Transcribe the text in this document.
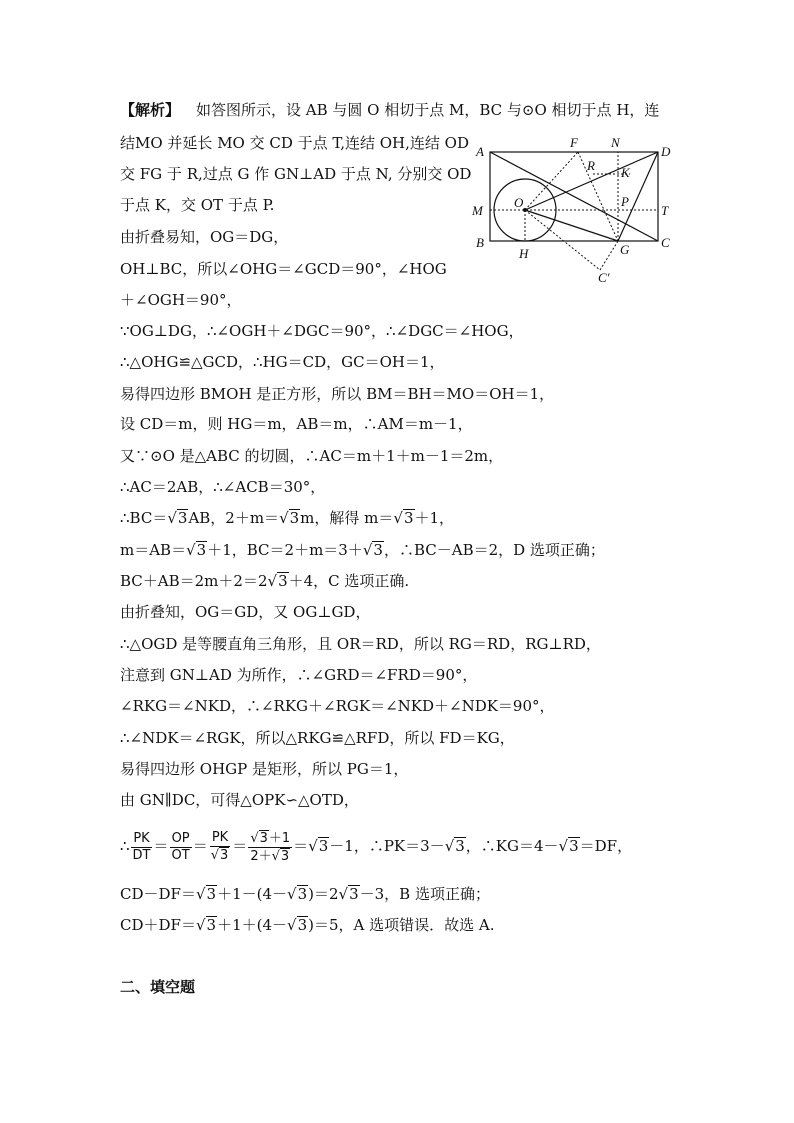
【解析】 如答图所示，设 AB 与圆 O 相切于点 M，BC 与⊙O 相切于点 H，连
结MO 并延长 MO 交 CD 于点 T,连结 OH,连结 OD
交 FG 于 R,过点 G 作 GN⊥AD 于点 N, 分别交 OD
于点 K，交 OT 于点 P.
由折叠易知，OG＝DG，
OH⊥BC，所以∠OHG＝∠GCD＝90°，∠HOG
＋∠OGH＝90°，
∵OG⊥DG，∴∠OGH＋∠DGC＝90°，∴∠DGC＝∠HOG，
∴△OHG≌△GCD，∴HG＝CD，GC＝OH＝1，
易得四边形 BMOH 是正方形，所以 BM＝BH＝MO＝OH＝1，
设 CD＝m，则 HG＝m，AB＝m，∴AM＝m－1，
又∵⊙O 是△ABC 的切圆，∴AC＝m＋1＋m－1＝2m，
∴AC＝2AB，∴∠ACB＝30°，
∴BC＝√3AB，2＋m＝√3m，解得 m＝√3＋1，
m＝AB＝√3＋1，BC＝2＋m＝3＋√3，∴BC－AB＝2，D 选项正确；
BC＋AB＝2m＋2＝2√3＋4，C 选项正确.
由折叠知，OG＝GD，又 OG⊥GD，
∴△OGD 是等腰直角三角形，且 OR＝RD，所以 RG＝RD，RG⊥RD，
注意到 GN⊥AD 为所作，∴∠GRD＝∠FRD＝90°，
∠RKG＝∠NKD，∴∠RKG＋∠RGK＝∠NKD＋∠NDK＝90°，
∴∠NDK＝∠RGK，所以△RKG≌△RFD，所以 FD＝KG，
易得四边形 OHGP 是矩形，所以 PG＝1，
由 GN∥DC，可得△OPK∽△OTD，
∴ $\frac{PK}{DT} = \frac{OP}{OT} = \frac{PK}{√3} = \frac{√3+1}{2+√3} =√3-1$，∴PK＝3－√3，∴KG＝4－√3＝DF，
CD－DF＝√3＋1－(4－√3)＝2√3－3，B 选项正确；
CD＋DF＝√3＋1＋(4－√3)＝5，A 选项错误．故选 A.
二、填空题
A
F	N
D
R K
O	P
M	T
B	G C
H
C′
